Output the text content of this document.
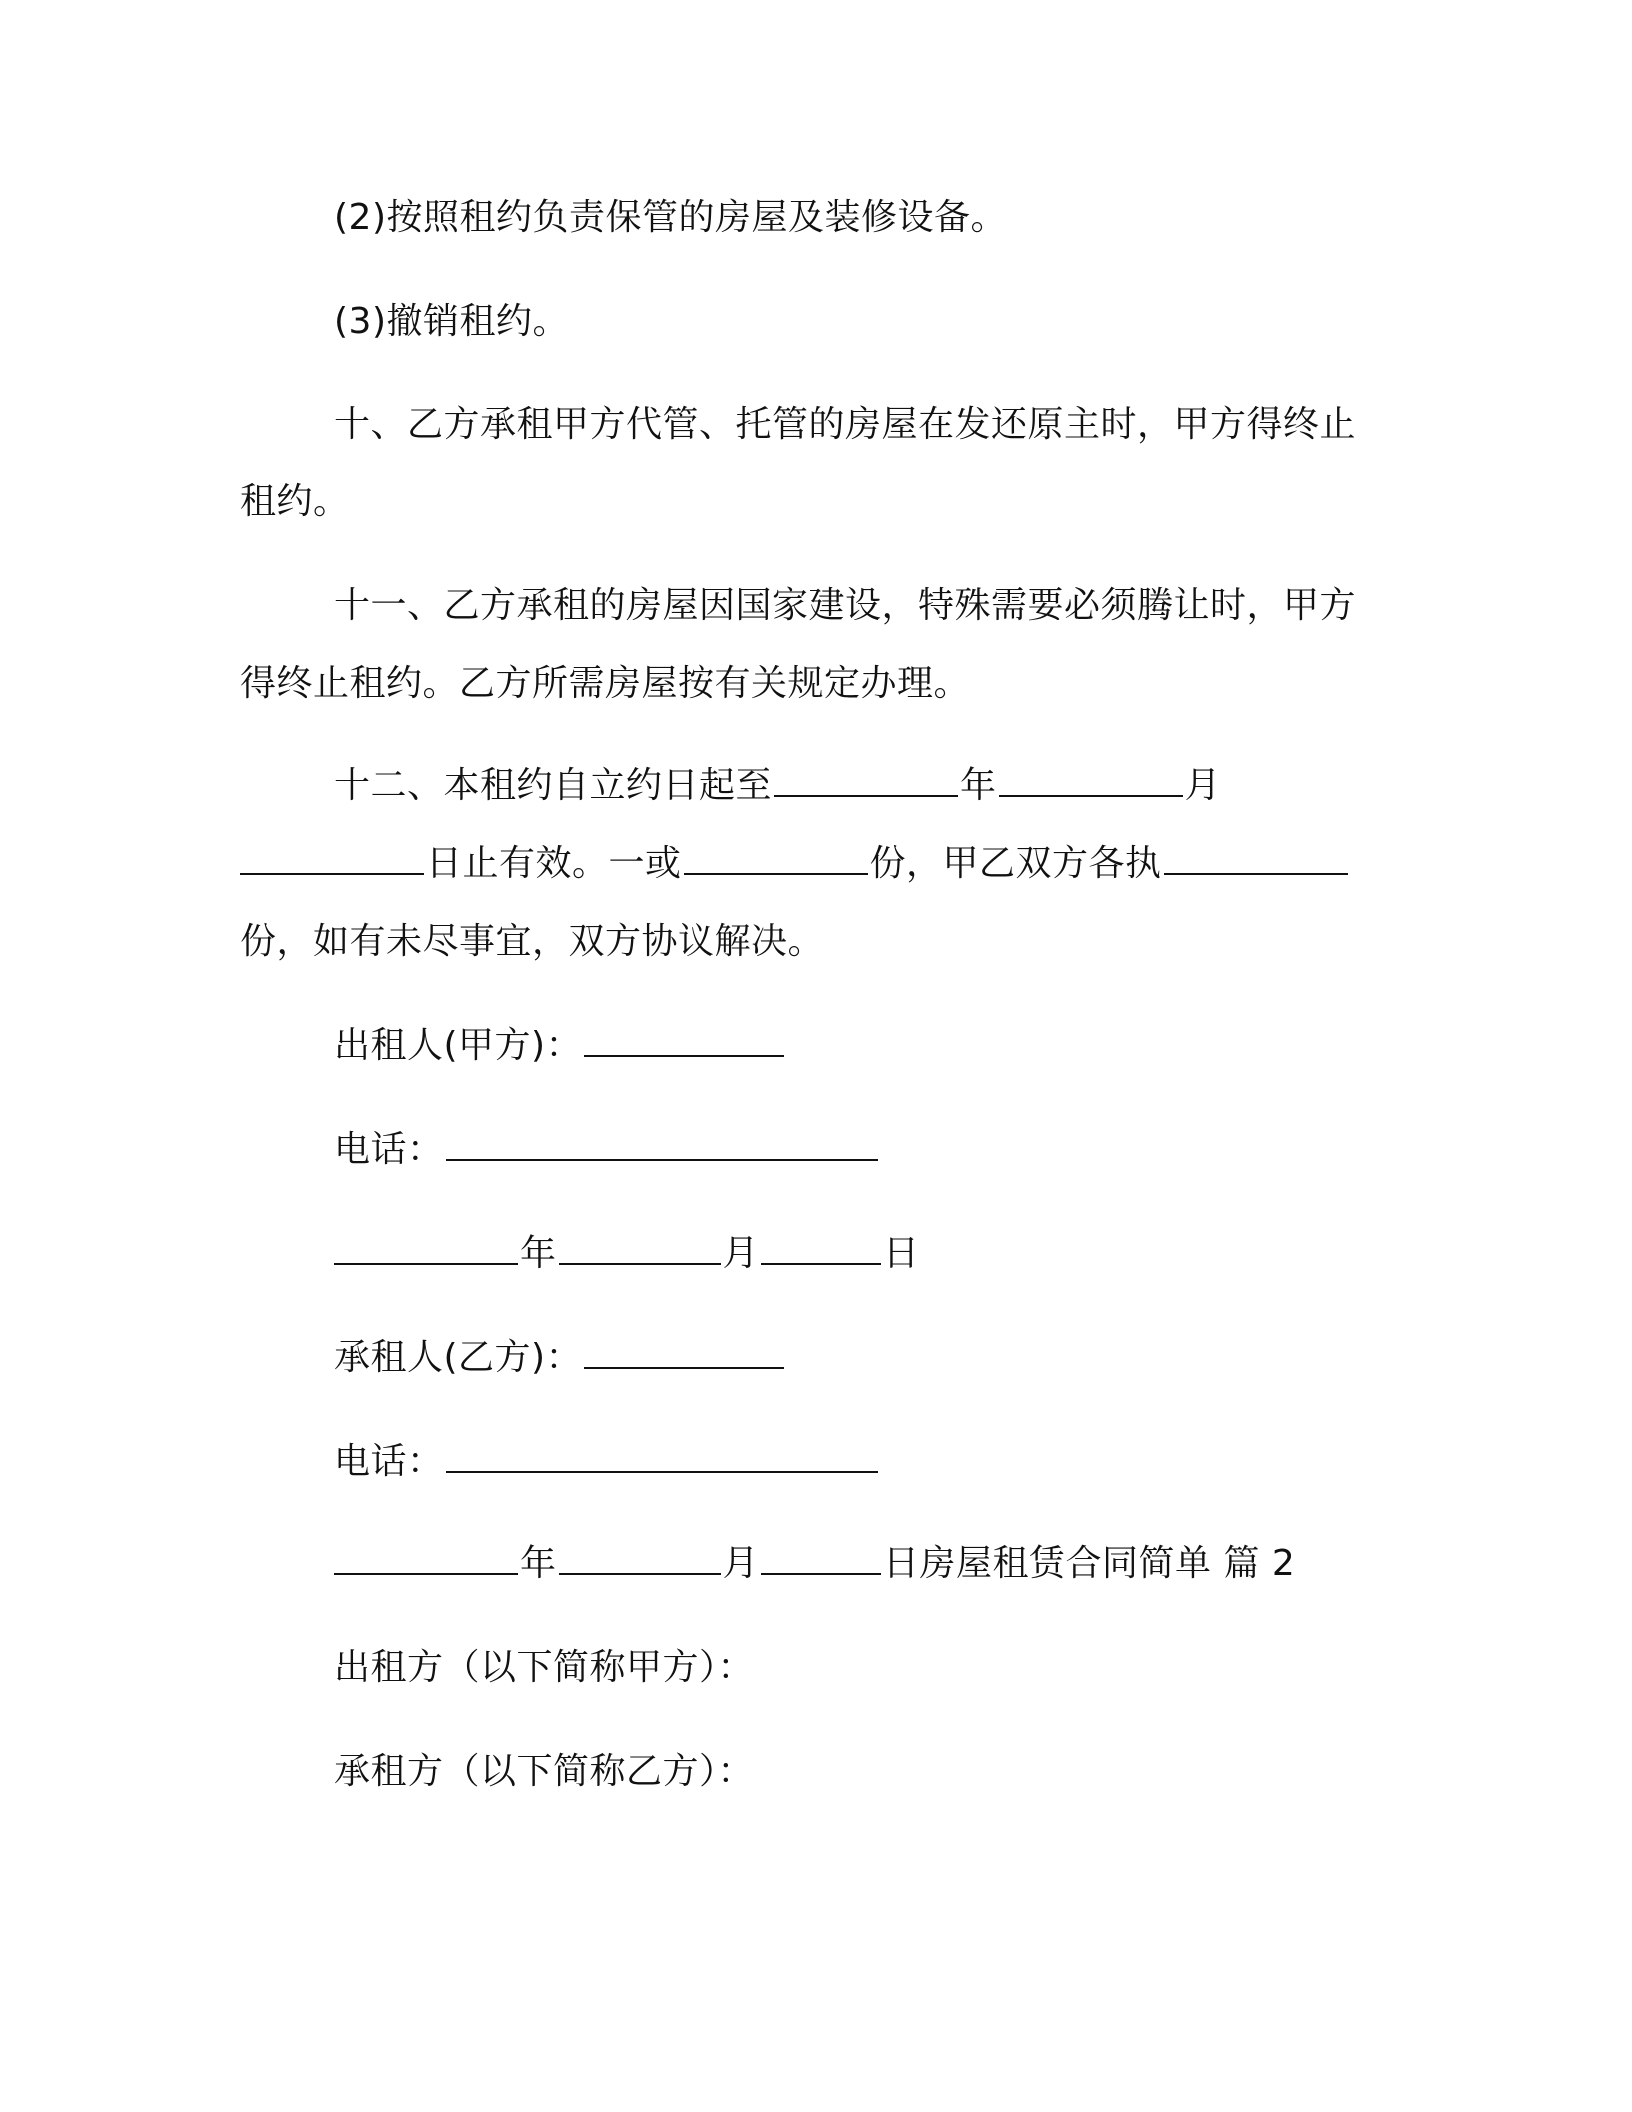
(2)按照租约负责保管的房屋及装修设备。
(3)撤销租约。
十、乙方承租甲方代管、托管的房屋在发还原主时，甲方得终止
租约。
十一、乙方承租的房屋因国家建设，特殊需要必须腾让时，甲方
得终止租约。乙方所需房屋按有关规定办理。
十二、本租约自立约日起至	年	月
日止有效。一或	份，甲乙双方各执
份，如有未尽事宜，双方协议解决。
出租人(甲方)：
电话：
年	月	日
承租人(乙方)：
电话：
年	月	日房屋租赁合同简单 篇 2
出租方（以下简称甲方）：
承租方（以下简称乙方）：
